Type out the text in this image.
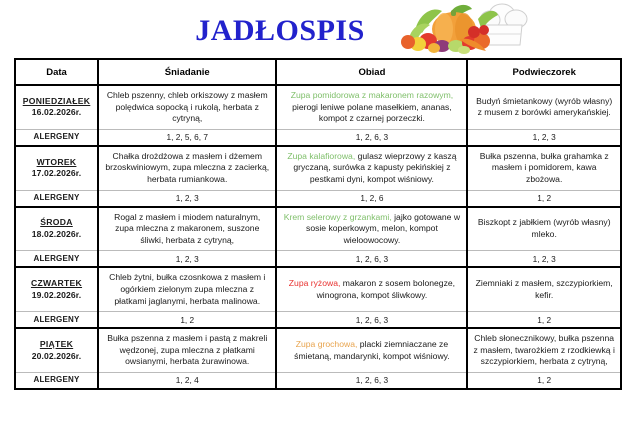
JADŁOSPIS
Data	Śniadanie	Obiad	Podwieczorek

PONIEDZIAŁEK
16.02.2026r.	Chleb pszenny, chleb orkiszowy z masłem polędwica sopocką i rukolą, herbata z cytryną,	Zupa pomidorowa z makaronem razowym, pierogi leniwe polane masełkiem, ananas, kompot z czarnej porzeczki.	Budyń śmietankowy (wyrób własny) z musem z borówki amerykańskiej.
ALERGENY	1, 2, 5, 6, 7	1, 2, 6, 3	1, 2, 3

WTOREK
17.02.2026r.	Chałka drożdżowa z masłem i dżemem brzoskwiniowym, zupa mleczna z zacierką, herbata rumiankowa.	Zupa kalafiorowa, gulasz wieprzowy z kaszą gryczaną, surówka z kapusty pekińskiej z pestkami dyni, kompot wiśniowy.	Bułka pszenna, bułka grahamka z masłem i pomidorem, kawa zbożowa.
ALERGENY	1, 2, 3	1, 2, 6	1, 2

ŚRODA
18.02.2026r.	Rogal z masłem i miodem naturalnym, zupa mleczna z makaronem, suszone śliwki, herbata z cytryną,	Krem selerowy z grzankami, jajko gotowane w sosie koperkowym, melon, kompot wieloowocowy.	Biszkopt z jabłkiem (wyrób własny) mleko.
ALERGENY	1, 2, 3	1, 2, 6, 3	1, 2, 3

CZWARTEK
19.02.2026r.	Chleb żytni, bułka czosnkowa z masłem i ogórkiem zielonym zupa mleczna z płatkami jaglanymi, herbata malinowa.	Zupa ryżowa, makaron z sosem bolonegze, winogrona, kompot śliwkowy.	Ziemniaki z masłem, szczypiorkiem, kefir.
ALERGENY	1, 2	1, 2, 6, 3	1, 2

PIĄTEK
20.02.2026r.	Bułka pszenna z masłem i pastą z makreli wędzonej, zupa mleczna z płatkami owsianymi, herbata żurawinowa.	Zupa grochowa, placki ziemniaczane ze śmietaną, mandarynki, kompot wiśniowy.	Chleb słonecznikowy, bułka pszenna z masłem, twarożkiem z rzodkiewką i szczypiorkiem, herbata z cytryną,
ALERGENY	1, 2, 4	1, 2, 6, 3	1, 2
